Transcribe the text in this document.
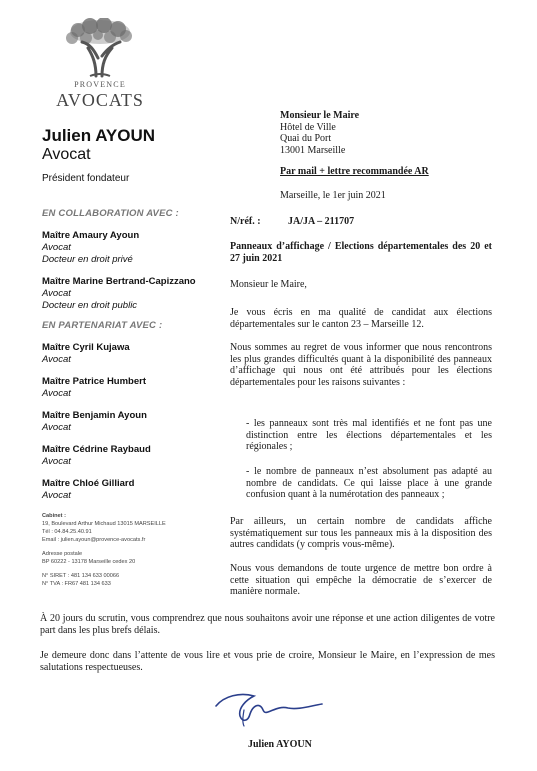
PROVENCE
AVOCATS
Julien AYOUN
Avocat
Président fondateur
EN COLLABORATION AVEC :
Maître Amaury Ayoun
Avocat
Docteur en droit privé
Maître Marine Bertrand-Capizzano
Avocat
Docteur en droit public
EN PARTENARIAT AVEC :
Maître Cyril Kujawa
Avocat
Maître Patrice Humbert
Avocat
Maître Benjamin Ayoun
Avocat
Maître Cédrine Raybaud
Avocat
Maître Chloé Gilliard
Avocat
Cabinet :
19, Boulevard Arthur Michaud 13015 MARSEILLE
Tél : 04.84.25.40.91
Email : julien.ayoun@provence-avocats.fr
Adresse postale
BP 60222 - 13178 Marseille cedex 20
N° SIRET : 481 134 633 00066
N° TVA : FR67 481 134 633
Monsieur le Maire
Hôtel de Ville
Quai du Port
13001 Marseille
Par mail + lettre recommandée AR
Marseille, le 1er juin 2021
N/réf. :	JA/JA – 211707
Panneaux d’affichage / Elections départementales des 20 et 27 juin 2021
Monsieur le Maire,
Je vous écris en ma qualité de candidat aux élections départementales sur le canton 23 – Marseille 12.
Nous sommes au regret de vous informer que nous rencontrons les plus grandes difficultés quant à la disponibilité des panneaux d’affichage qui nous ont été attribués pour les élections départementales pour les raisons suivantes :
- les panneaux sont très mal identifiés et ne font pas une distinction entre les élections départementales et les régionales ;
- le nombre de panneaux n’est absolument pas adapté au nombre de candidats. Ce qui laisse place à une grande confusion quant à la numérotation des panneaux ;
Par ailleurs, un certain nombre de candidats affiche systématiquement sur tous les panneaux mis à la disposition des autres candidats (y compris vous-même).
Nous vous demandons de toute urgence de mettre bon ordre à cette situation qui empêche la démocratie de s’exercer de manière normale.
À 20 jours du scrutin, vous comprendrez que nous souhaitons avoir une réponse et une action diligentes de votre part dans les plus brefs délais.
Je demeure donc dans l’attente de vous lire et vous prie de croire, Monsieur le Maire, en l’expression de mes salutations respectueuses.
Julien AYOUN
